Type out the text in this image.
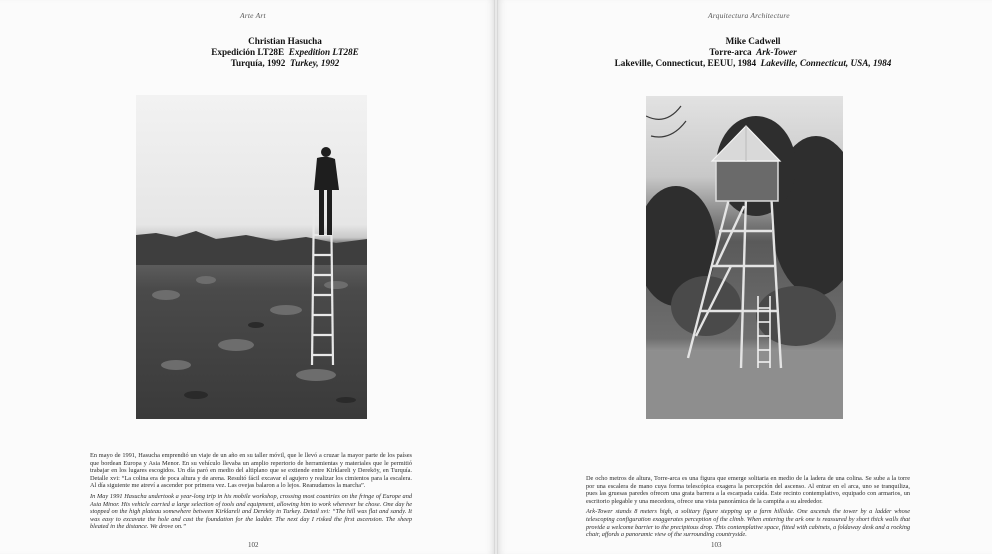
Arte Art
Christian Hasucha
Expedición LT28E Expedition LT28E
Turquía, 1992 Turkey, 1992
En mayo de 1991, Hasucha emprendió un viaje de un año en su taller móvil, que le llevó a cruzar la mayor parte de los países que bordean Europa y Asia Menor. En su vehículo llevaba un amplio repertorio de herramientas y materiales que le permitió trabajar en los lugares escogidos. Un día paró en medio del altiplano que se extiende entre Kirklareli y Dereköy, en Turquía. Detalle xvi: “La colina era de poca altura y de arena. Resultó fácil excavar el agujero y realizar los cimientos para la escalera. Al día siguiente me atreví a ascender por primera vez. Las ovejas balaron a lo lejos. Reanudamos la marcha”.
In May 1991 Hasucha undertook a year-long trip in his mobile workshop, crossing most countries on the fringe of Europe and Asia Minor. His vehicle carried a large selection of tools and equipment, allowing him to work wherever he chose. One day he stopped on the high plateau somewhere between Kirklareli and Dereköy in Turkey. Detail xvi: “The hill was flat and sandy. It was easy to excavate the hole and cast the foundation for the ladder. The next day I risked the first ascension. The sheep bleated in the distance. We drove on.”
102
Arquitectura Architecture
Mike Cadwell
Torre-arca Ark-Tower
Lakeville, Connecticut, EEUU, 1984 Lakeville, Connecticut, USA, 1984
De ocho metros de altura, Torre-arca es una figura que emerge solitaria en medio de la ladera de una colina. Se sube a la torre por una escalera de mano cuya forma telescópica exagera la percepción del ascenso. Al entrar en el arca, uno se tranquiliza, pues las gruesas paredes ofrecen una grata barrera a la escarpada caída. Este recinto contemplativo, equipado con armarios, un escritorio plegable y una mecedora, ofrece una vista panorámica de la campiña a su alrededor.
Ark-Tower stands 8 meters high, a solitary figure stepping up a farm hillside. One ascends the tower by a ladder whose telescoping configuration exaggerates perception of the climb. When entering the ark one is reassured by short thick walls that provide a welcome barrier to the precipitous drop. This contemplative space, fitted with cabinets, a foldaway desk and a rocking chair, affords a panoramic view of the surrounding countryside.
103
